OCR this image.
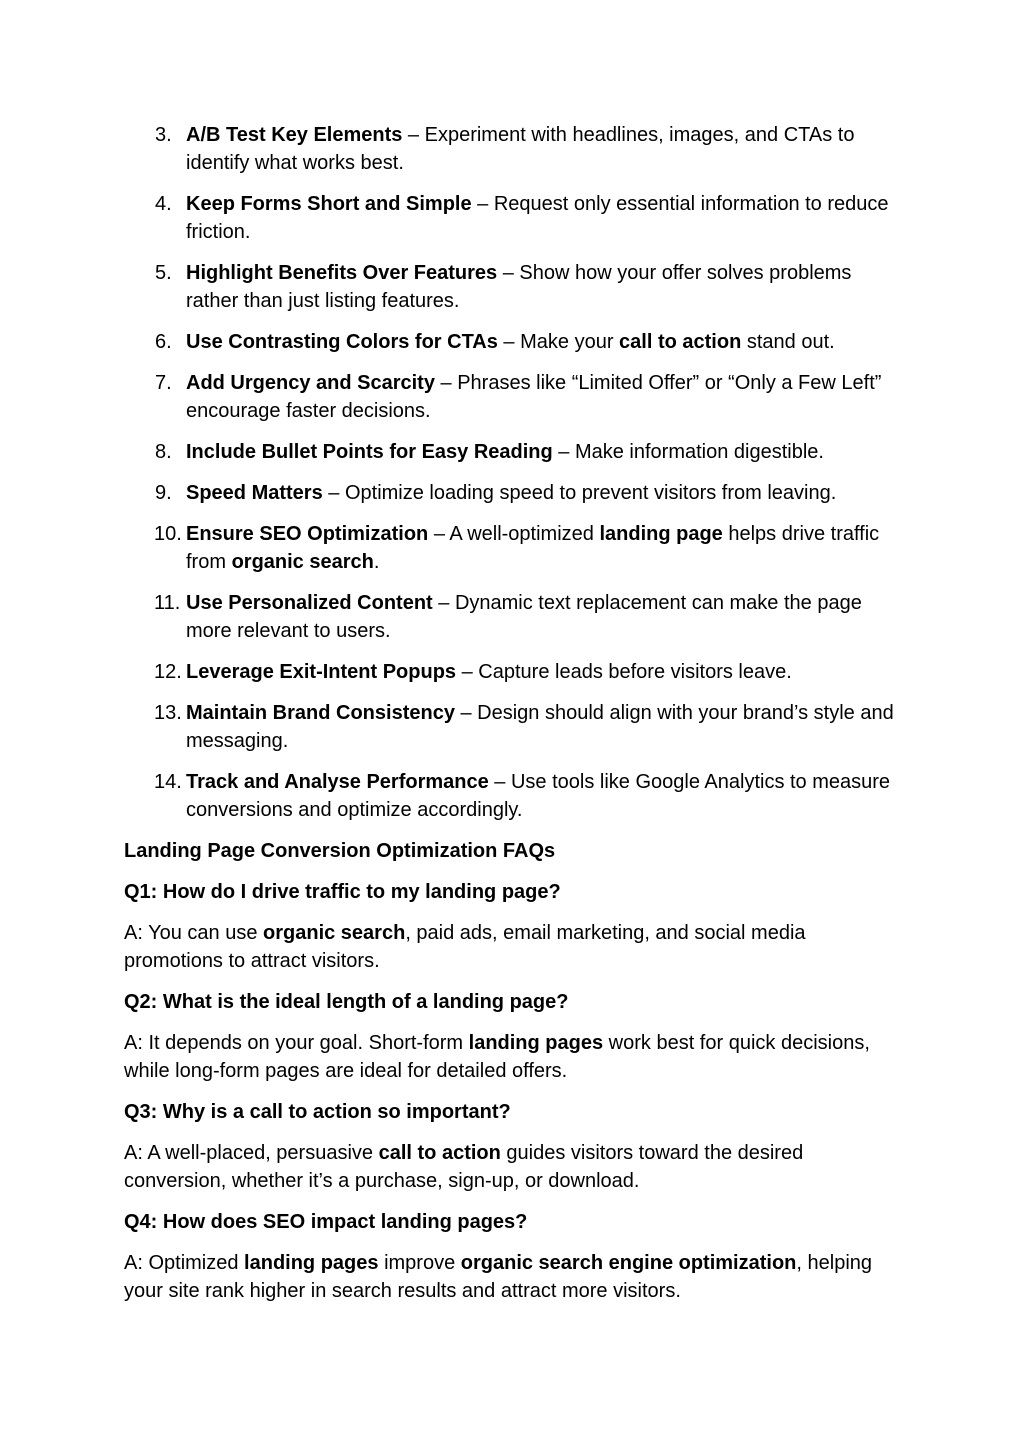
3. A/B Test Key Elements – Experiment with headlines, images, and CTAs to identify what works best.
4. Keep Forms Short and Simple – Request only essential information to reduce friction.
5. Highlight Benefits Over Features – Show how your offer solves problems rather than just listing features.
6. Use Contrasting Colors for CTAs – Make your call to action stand out.
7. Add Urgency and Scarcity – Phrases like “Limited Offer” or “Only a Few Left” encourage faster decisions.
8. Include Bullet Points for Easy Reading – Make information digestible.
9. Speed Matters – Optimize loading speed to prevent visitors from leaving.
10. Ensure SEO Optimization – A well-optimized landing page helps drive traffic from organic search.
11. Use Personalized Content – Dynamic text replacement can make the page more relevant to users.
12. Leverage Exit-Intent Popups – Capture leads before visitors leave.
13. Maintain Brand Consistency – Design should align with your brand’s style and messaging.
14. Track and Analyse Performance – Use tools like Google Analytics to measure conversions and optimize accordingly.

Landing Page Conversion Optimization FAQs

Q1: How do I drive traffic to my landing page?

A: You can use organic search, paid ads, email marketing, and social media promotions to attract visitors.

Q2: What is the ideal length of a landing page?

A: It depends on your goal. Short-form landing pages work best for quick decisions, while long-form pages are ideal for detailed offers.

Q3: Why is a call to action so important?

A: A well-placed, persuasive call to action guides visitors toward the desired conversion, whether it’s a purchase, sign-up, or download.

Q4: How does SEO impact landing pages?

A: Optimized landing pages improve organic search engine optimization, helping your site rank higher in search results and attract more visitors.
